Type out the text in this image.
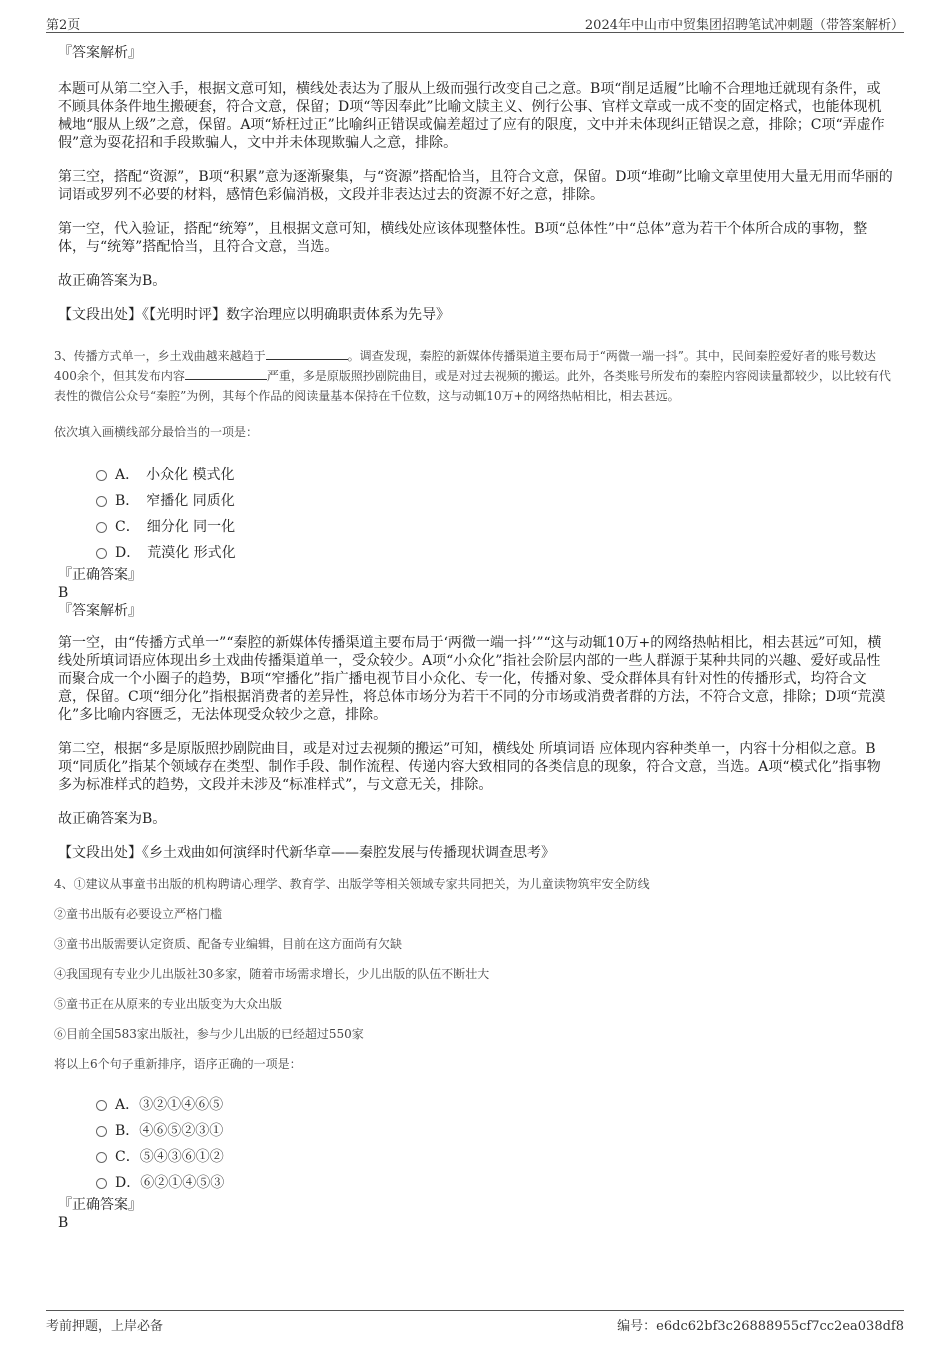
第2页	2024年中山市中贸集团招聘笔试冲刺题（带答案解析）

『答案解析』

本题可从第二空入手，根据文意可知，横线处表达为了服从上级而强行改变自己之意。B项“削足适履”比喻不合理地迁就现有条件，或不顾具体条件地生搬硬套，符合文意，保留；D项“等因奉此”比喻文牍主义、例行公事、官样文章或一成不变的固定格式，也能体现机械地“服从上级”之意，保留。A项“矫枉过正”比喻纠正错误或偏差超过了应有的限度，文中并未体现纠正错误之意，排除；C项“弄虚作假”意为耍花招和手段欺骗人，文中并未体现欺骗人之意，排除。

第三空，搭配“资源”，B项“积累”意为逐渐聚集，与“资源”搭配恰当，且符合文意，保留。D项“堆砌”比喻文章里使用大量无用而华丽的词语或罗列不必要的材料，感情色彩偏消极，文段并非表达过去的资源不好之意，排除。

第一空，代入验证，搭配“统筹”，且根据文意可知，横线处应该体现整体性。B项“总体性”中“总体”意为若干个体所合成的事物，整体，与“统筹”搭配恰当，且符合文意，当选。

故正确答案为B。

【文段出处】《【光明时评】数字治理应以明确职责体系为先导》

3、传播方式单一，乡土戏曲越来越趋于	。调查发现，秦腔的新媒体传播渠道主要布局于“两微一端一抖”。其中，民间秦腔爱好者的账号数达400余个，但其发布内容	严重，多是原版照抄剧院曲目，或是对过去视频的搬运。此外，各类账号所发布的秦腔内容阅读量都较少，以比较有代表性的微信公众号“秦腔”为例，其每个作品的阅读量基本保持在千位数，这与动辄10万+的网络热帖相比，相去甚远。

依次填入画横线部分最恰当的一项是：

A．　小众化 模式化
B．　窄播化 同质化
C．　细分化 同一化
D．　荒漠化 形式化

『正确答案』

B

『答案解析』

第一空，由“传播方式单一”“秦腔的新媒体传播渠道主要布局于‘两微一端一抖’”“这与动辄10万+的网络热帖相比，相去甚远”可知，横线处所填词语应体现出乡土戏曲传播渠道单一，受众较少。A项“小众化”指社会阶层内部的一些人群源于某种共同的兴趣、爱好或品性而聚合成一个小圈子的趋势，B项“窄播化”指广播电视节目小众化、专一化，传播对象、受众群体具有针对性的传播形式，均符合文意，保留。C项“细分化”指根据消费者的差异性，将总体市场分为若干不同的分市场或消费者群的方法，不符合文意，排除；D项“荒漠化”多比喻内容匮乏，无法体现受众较少之意，排除。

第二空，根据“多是原版照抄剧院曲目，或是对过去视频的搬运”可知，横线处 所填词语 应体现内容种类单一，内容十分相似之意。B项“同质化”指某个领域存在类型、制作手段、制作流程、传递内容大致相同的各类信息的现象，符合文意，当选。A项“模式化”指事物多为标准样式的趋势，文段并未涉及“标准样式”，与文意无关，排除。

故正确答案为B。

【文段出处】《乡土戏曲如何演绎时代新华章——秦腔发展与传播现状调查思考》

4、①建议从事童书出版的机构聘请心理学、教育学、出版学等相关领域专家共同把关，为儿童读物筑牢安全防线

②童书出版有必要设立严格门槛

③童书出版需要认定资质、配备专业编辑，目前在这方面尚有欠缺

④我国现有专业少儿出版社30多家，随着市场需求增长，少儿出版的队伍不断壮大

⑤童书正在从原来的专业出版变为大众出版

⑥目前全国583家出版社，参与少儿出版的已经超过550家

将以上6个句子重新排序，语序正确的一项是：

A．③②①④⑥⑤
B．④⑥⑤②③①
C．⑤④③⑥①②
D．⑥②①④⑤③

『正确答案』

B

考前押题，上岸必备	编号：e6dc62bf3c26888955cf7cc2ea038df8
